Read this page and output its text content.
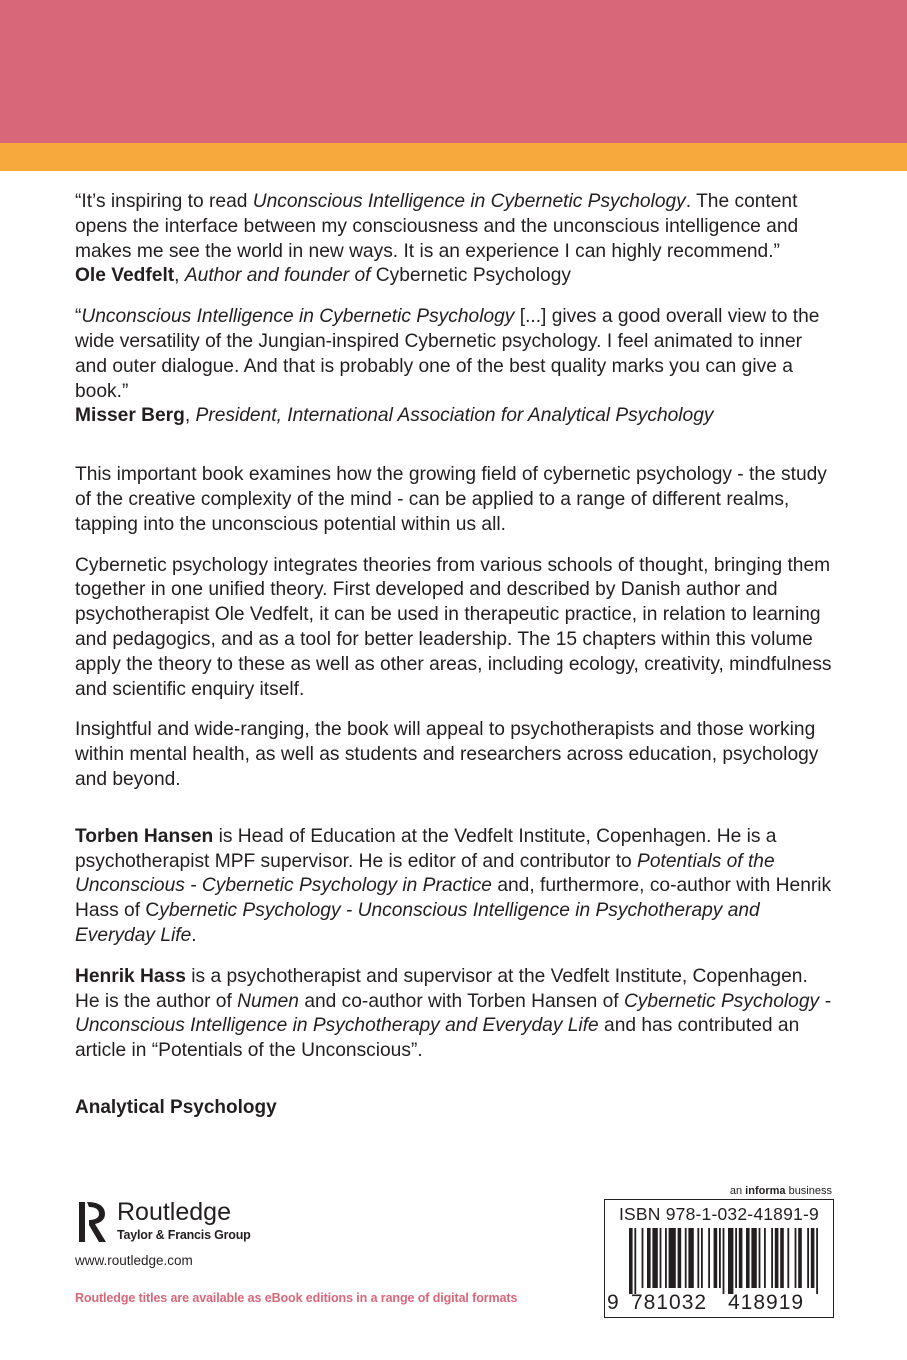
“It’s inspiring to read Unconscious Intelligence in Cybernetic Psychology. The content opens the interface between my consciousness and the unconscious intelligence and makes me see the world in new ways. It is an experience I can highly recommend.”

Ole Vedfelt, Author and founder of Cybernetic Psychology

“Unconscious Intelligence in Cybernetic Psychology [...] gives a good overall view to the wide versatility of the Jungian-inspired Cybernetic psychology. I feel animated to inner and outer dialogue. And that is probably one of the best quality marks you can give a book.”

Misser Berg, President, International Association for Analytical Psychology

This important book examines how the growing field of cybernetic psychology - the study of the creative complexity of the mind - can be applied to a range of different realms, tapping into the unconscious potential within us all.

Cybernetic psychology integrates theories from various schools of thought, bringing them together in one unified theory. First developed and described by Danish author and psychotherapist Ole Vedfelt, it can be used in therapeutic practice, in relation to learning and pedagogics, and as a tool for better leadership. The 15 chapters within this volume apply the theory to these as well as other areas, including ecology, creativity, mindfulness and scientific enquiry itself.

Insightful and wide-ranging, the book will appeal to psychotherapists and those working within mental health, as well as students and researchers across education, psychology and beyond.

Torben Hansen is Head of Education at the Vedfelt Institute, Copenhagen. He is a psychotherapist MPF supervisor. He is editor of and contributor to Potentials of the Unconscious - Cybernetic Psychology in Practice and, furthermore, co-author with Henrik Hass of Cybernetic Psychology - Unconscious Intelligence in Psychotherapy and Everyday Life.

Henrik Hass is a psychotherapist and supervisor at the Vedfelt Institute, Copenhagen. He is the author of Numen and co-author with Torben Hansen of Cybernetic Psychology - Unconscious Intelligence in Psychotherapy and Everyday Life and has contributed an article in “Potentials of the Unconscious”.

Analytical Psychology

Routledge
Taylor & Francis Group
www.routledge.com
Routledge titles are available as eBook editions in a range of digital formats
an informa business
ISBN 978-1-032-41891-9
9 781032 418919
